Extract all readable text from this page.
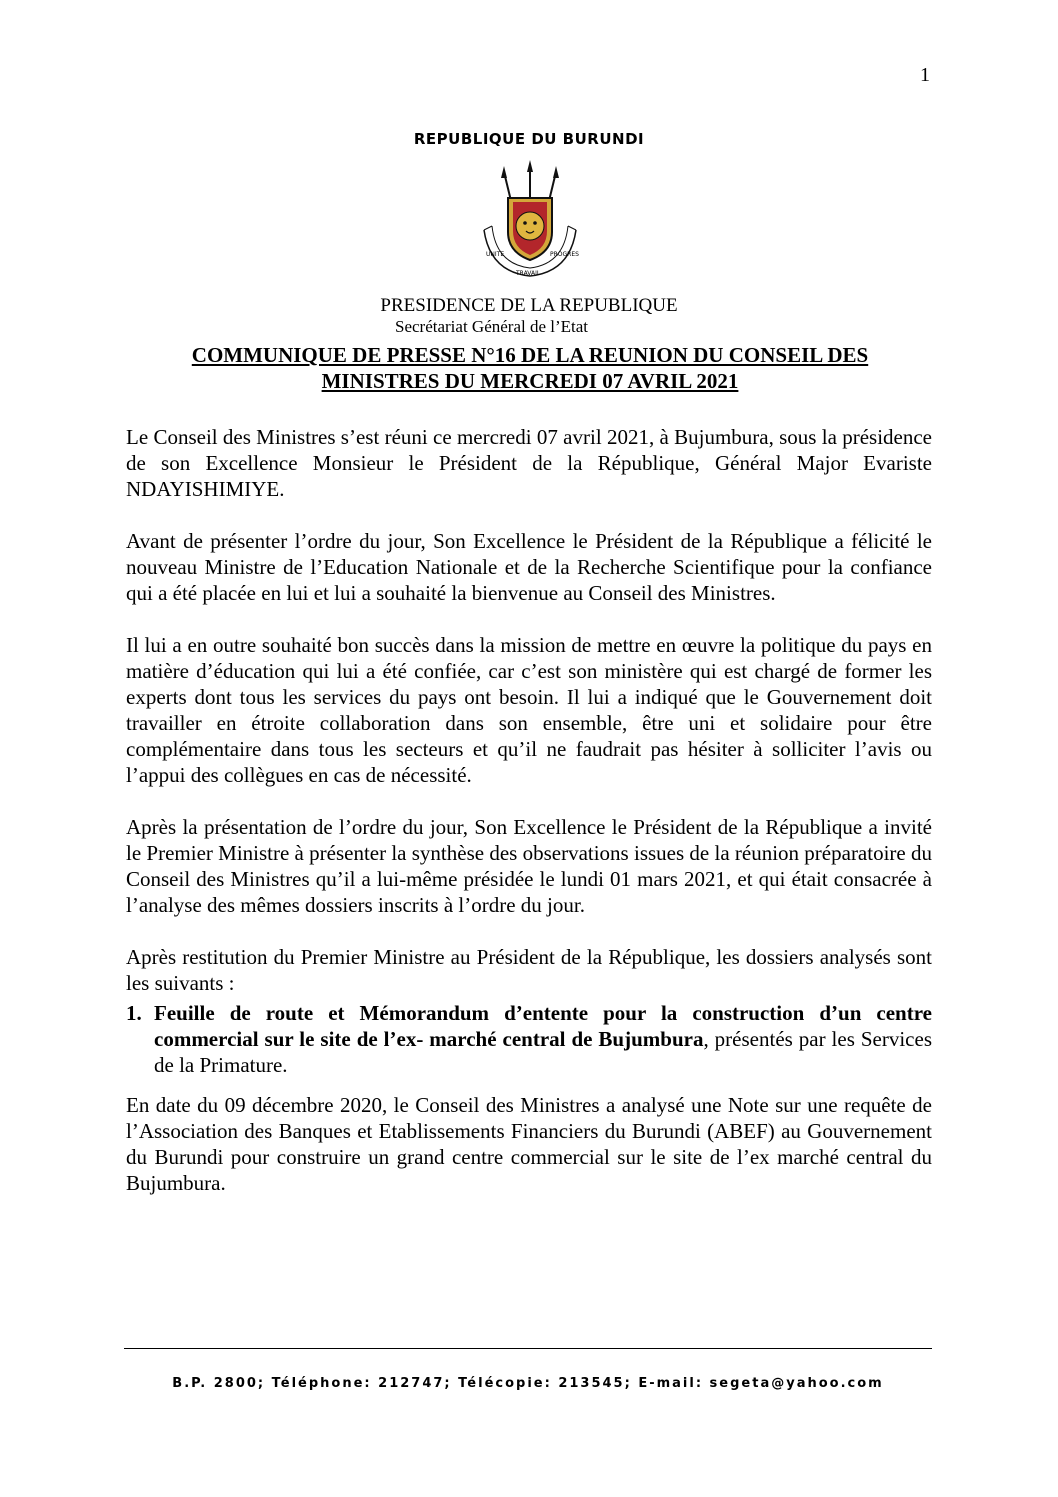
1
REPUBLIQUE DU BURUNDI
UNITE
TRAVAIL
PROGRES
PRESIDENCE DE LA REPUBLIQUE
Secrétariat Général de l’Etat
COMMUNIQUE DE PRESSE N°16 DE LA REUNION DU CONSEIL DES
MINISTRES DU MERCREDI 07 AVRIL 2021

Le Conseil des Ministres s’est réuni ce mercredi 07 avril 2021, à Bujumbura, sous la présidence de son Excellence Monsieur le Président de la République, Général Major Evariste NDAYISHIMIYE.

Avant de présenter l’ordre du jour, Son Excellence le Président de la République a félicité le nouveau Ministre de l’Education Nationale et de la Recherche Scientifique pour la confiance qui a été placée en lui et lui a souhaité la bienvenue au Conseil des Ministres.

Il lui a en outre souhaité bon succès dans la mission de mettre en œuvre la politique du pays en matière d’éducation qui lui a été confiée, car c’est son ministère qui est chargé de former les experts dont tous les services du pays ont besoin. Il lui a indiqué que le Gouvernement doit travailler en étroite collaboration dans son ensemble, être uni et solidaire pour être complémentaire dans tous les secteurs et qu’il ne faudrait pas hésiter à solliciter l’avis ou l’appui des collègues en cas de nécessité.

Après la présentation de l’ordre du jour, Son Excellence le Président de la République a invité le Premier Ministre à présenter la synthèse des observations issues de la réunion préparatoire du Conseil des Ministres qu’il a lui-même présidée le lundi 01 mars 2021, et qui était consacrée à l’analyse des mêmes dossiers inscrits à l’ordre du jour.

Après restitution du Premier Ministre au Président de la République, les dossiers analysés sont les suivants :

1. Feuille de route et Mémorandum d’entente pour la construction d’un centre commercial sur le site de l’ex- marché central de Bujumbura, présentés par les Services de la Primature.

En date du 09 décembre 2020, le Conseil des Ministres a analysé une Note sur une requête de l’Association des Banques et Etablissements Financiers du Burundi (ABEF) au Gouvernement du Burundi pour construire un grand centre commercial sur le site de l’ex marché central du Bujumbura.

B.P. 2800; Téléphone: 212747; Télécopie: 213545; E-mail: segeta@yahoo.com
